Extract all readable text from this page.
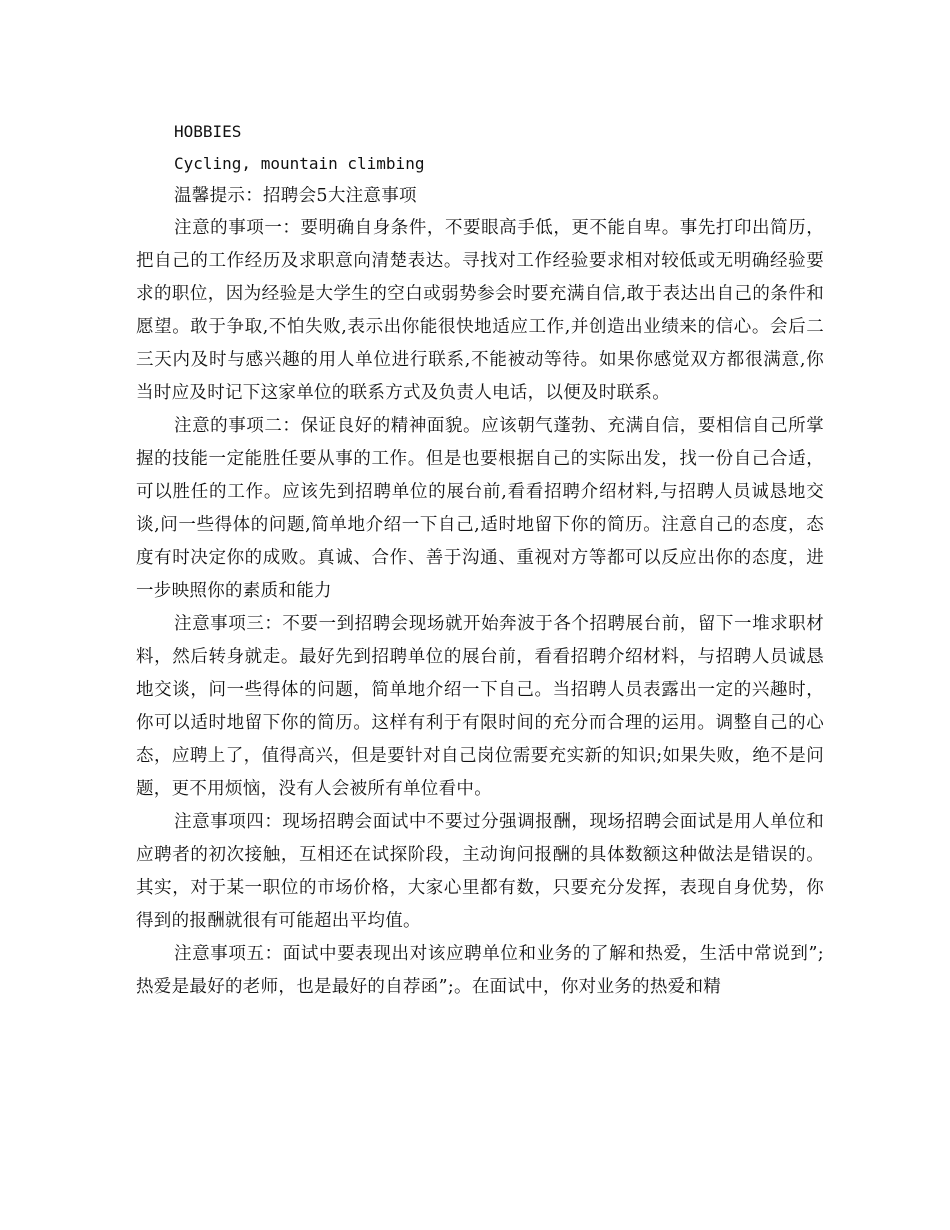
HOBBIES

Cycling, mountain climbing

温馨提示：招聘会5大注意事项

注意的事项一：要明确自身条件，不要眼高手低，更不能自卑。事先打印出简历，把自己的工作经历及求职意向清楚表达。寻找对工作经验要求相对较低或无明确经验要求的职位，因为经验是大学生的空白或弱势参会时要充满自信,敢于表达出自己的条件和愿望。敢于争取,不怕失败,表示出你能很快地适应工作,并创造出业绩来的信心。会后二三天内及时与感兴趣的用人单位进行联系,不能被动等待。如果你感觉双方都很满意,你当时应及时记下这家单位的联系方式及负责人电话，以便及时联系。

注意的事项二：保证良好的精神面貌。应该朝气蓬勃、充满自信，要相信自己所掌握的技能一定能胜任要从事的工作。但是也要根据自己的实际出发，找一份自己合适，可以胜任的工作。应该先到招聘单位的展台前,看看招聘介绍材料,与招聘人员诚恳地交谈,问一些得体的问题,简单地介绍一下自己,适时地留下你的简历。注意自己的态度，态度有时决定你的成败。真诚、合作、善于沟通、重视对方等都可以反应出你的态度，进一步映照你的素质和能力

注意事项三：不要一到招聘会现场就开始奔波于各个招聘展台前，留下一堆求职材料，然后转身就走。最好先到招聘单位的展台前，看看招聘介绍材料，与招聘人员诚恳地交谈，问一些得体的问题，简单地介绍一下自己。当招聘人员表露出一定的兴趣时，你可以适时地留下你的简历。这样有利于有限时间的充分而合理的运用。调整自己的心态，应聘上了，值得高兴，但是要针对自己岗位需要充实新的知识;如果失败，绝不是问题，更不用烦恼，没有人会被所有单位看中。

注意事项四：现场招聘会面试中不要过分强调报酬，现场招聘会面试是用人单位和应聘者的初次接触，互相还在试探阶段，主动询问报酬的具体数额这种做法是错误的。其实，对于某一职位的市场价格，大家心里都有数，只要充分发挥，表现自身优势，你得到的报酬就很有可能超出平均值。

注意事项五：面试中要表现出对该应聘单位和业务的了解和热爱，生活中常说到”;热爱是最好的老师，也是最好的自荐函”;。在面试中，你对业务的热爱和精
